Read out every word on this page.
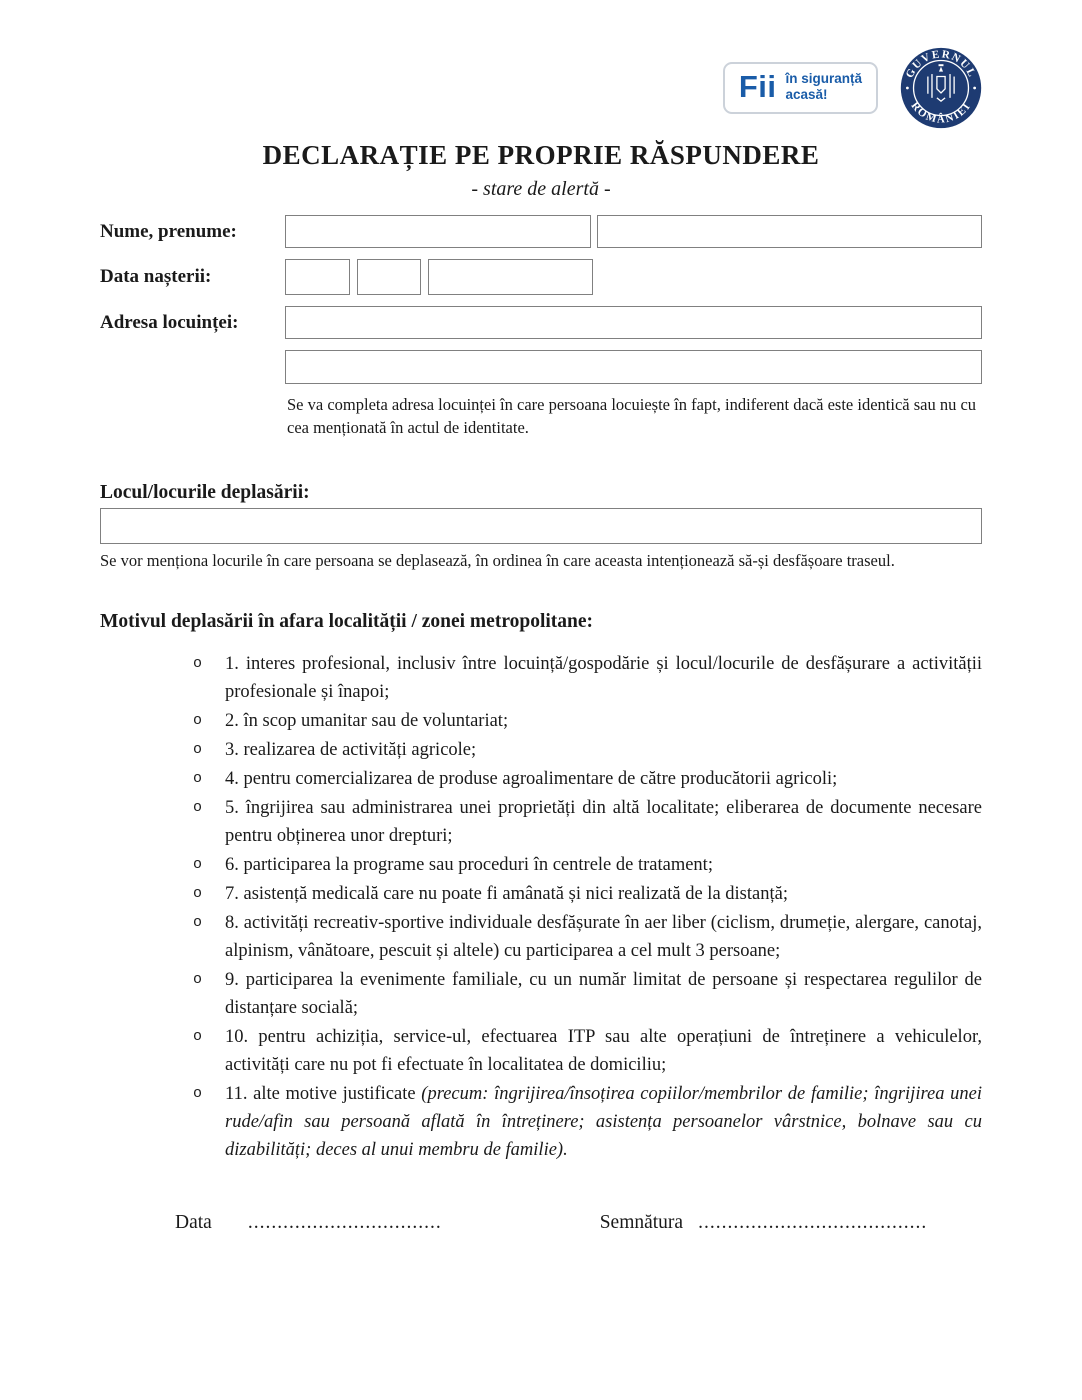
Fii în siguranță
acasă!
GUVERNUL
ROMÂNIEI
DECLARAȚIE PE PROPRIE RĂSPUNDERE
- stare de alertă -
Nume, prenume:
Data nașterii:
Adresa locuinței:

Se va completa adresa locuinței în care persoana locuiește în fapt, indiferent dacă este identică sau nu cu cea menționată în actul de identitate.

Locul/locurile deplasării:

Se vor menționa locurile în care persoana se deplasează, în ordinea în care aceasta intenționează să-și desfășoare traseul.

Motivul deplasării în afara localității / zonei metropolitane:
o	1. interes profesional, inclusiv între locuință/gospodărie și locul/locurile de desfășurare a activității profesionale și înapoi;
o	2. în scop umanitar sau de voluntariat;
o	3. realizarea de activități agricole;
o	4. pentru comercializarea de produse agroalimentare de către producătorii agricoli;
o	5. îngrijirea sau administrarea unei proprietăți din altă localitate; eliberarea de documente necesare pentru obținerea unor drepturi;
o	6. participarea la programe sau proceduri în centrele de tratament;
o	7. asistență medicală care nu poate fi amânată și nici realizată de la distanță;
o	8. activități recreativ-sportive individuale desfășurate în aer liber (ciclism, drumeție, alergare, canotaj, alpinism, vânătoare, pescuit și altele) cu participarea a cel mult 3 persoane;
o	9. participarea la evenimente familiale, cu un număr limitat de persoane și respectarea regulilor de distanțare socială;
o	10. pentru achiziția, service-ul, efectuarea ITP sau alte operațiuni de întreținere a vehiculelor, activități care nu pot fi efectuate în localitatea de domiciliu;
o	11. alte motive justificate (precum: îngrijirea/însoțirea copiilor/membrilor de familie; îngrijirea unei rude/afin sau persoană aflată în întreținere; asistența persoanelor vârstnice, bolnave sau cu dizabilități; deces al unui membru de familie).
Data .................................	Semnătura .......................................
